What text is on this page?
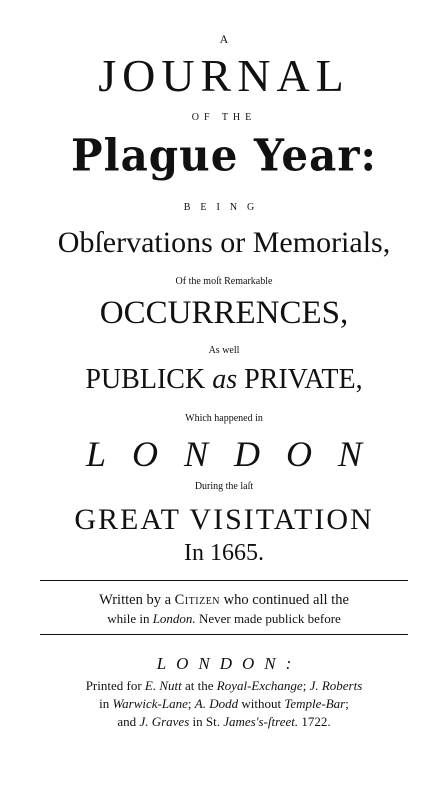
A
JOURNAL
OF THE
Plague Year:
BEING
Obſervations or Memorials,
Of the moſt Remarkable
OCCURRENCES,
As well
PUBLICK as PRIVATE,
Which happened in
LONDON
During the laſt
GREAT VISITATION
In 1665.
Written by a Citizen who continued all the
while in London. Never made publick before
LONDON:
Printed for E. Nutt at the Royal-Exchange; J. Roberts
in Warwick-Lane; A. Dodd without Temple-Bar;
and J. Graves in St. James's-ſtreet. 1722.
